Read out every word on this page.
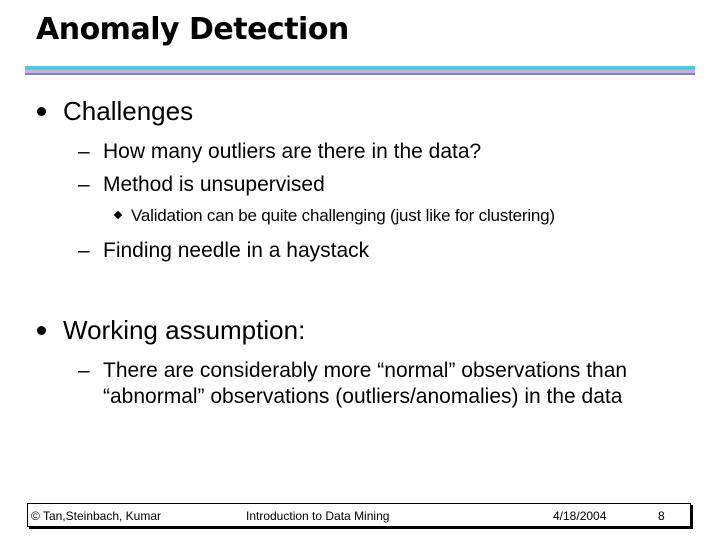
Anomaly Detection
Challenges
– How many outliers are there in the data?
– Method is unsupervised
Validation can be quite challenging (just like for clustering)
– Finding needle in a haystack
Working assumption:
– There are considerably more “normal” observations than “abnormal” observations (outliers/anomalies) in the data
© Tan,Steinbach, Kumar	Introduction to Data Mining	4/18/2004	8
